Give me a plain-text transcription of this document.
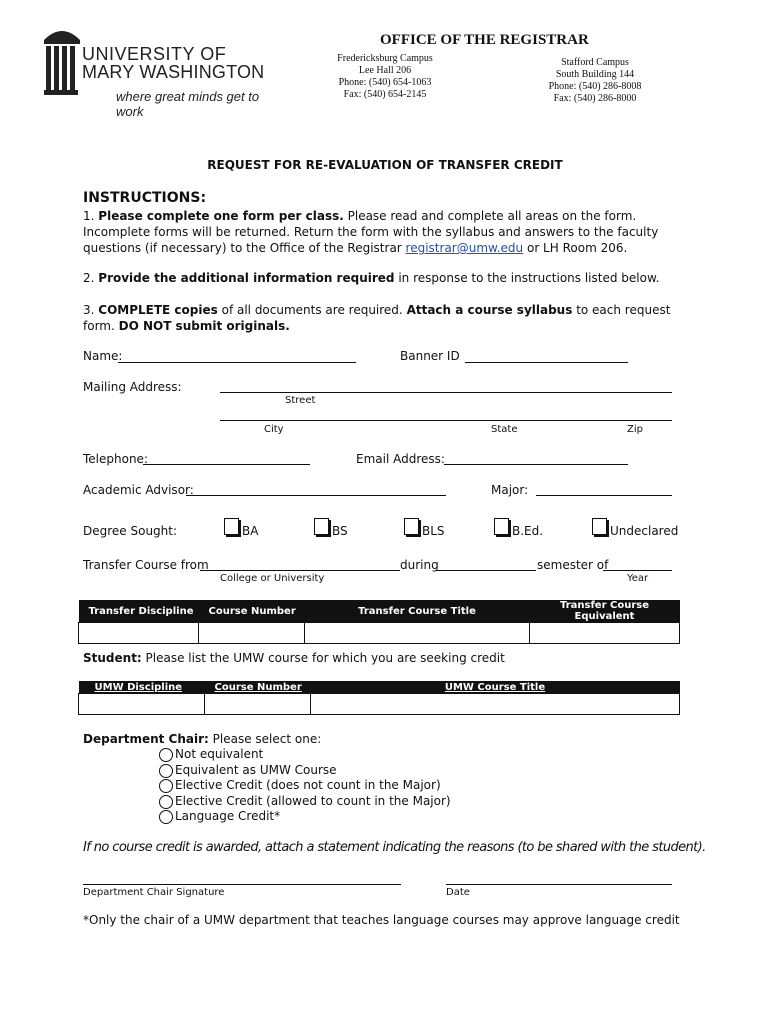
UNIVERSITY OF
MARY WASHINGTON
where great minds get to work
OFFICE OF THE REGISTRAR
Fredericksburg Campus
Lee Hall 206
Phone: (540) 654-1063
Fax: (540) 654-2145
Stafford Campus
South Building 144
Phone: (540) 286-8008
Fax: (540) 286-8000
REQUEST FOR RE-EVALUATION OF TRANSFER CREDIT
INSTRUCTIONS:
1. Please complete one form per class. Please read and complete all areas on the form. Incomplete forms will be returned. Return the form with the syllabus and answers to the faculty questions (if necessary) to the Office of the Registrar registrar@umw.edu or LH Room 206.
2. Provide the additional information required in response to the instructions listed below.
3. COMPLETE copies of all documents are required. Attach a course syllabus to each request form. DO NOT submit originals.
Name:	Banner ID
Mailing Address:
Street
City	State	Zip
Telephone:	Email Address:
Academic Advisor:	Major:
Degree Sought:	BA	BS	BLS	B.Ed.	Undeclared
Transfer Course from	during	semester of
College or University	Year
Transfer Discipline	Course Number	Transfer Course Title	Transfer Course Equivalent

Student: Please list the UMW course for which you are seeking credit
UMW Discipline	Course Number	UMW Course Title

Department Chair: Please select one:
Not equivalent
Equivalent as UMW Course
Elective Credit (does not count in the Major)
Elective Credit (allowed to count in the Major)
Language Credit*
If no course credit is awarded, attach a statement indicating the reasons (to be shared with the student).
Department Chair Signature	Date
*Only the chair of a UMW department that teaches language courses may approve language credit
